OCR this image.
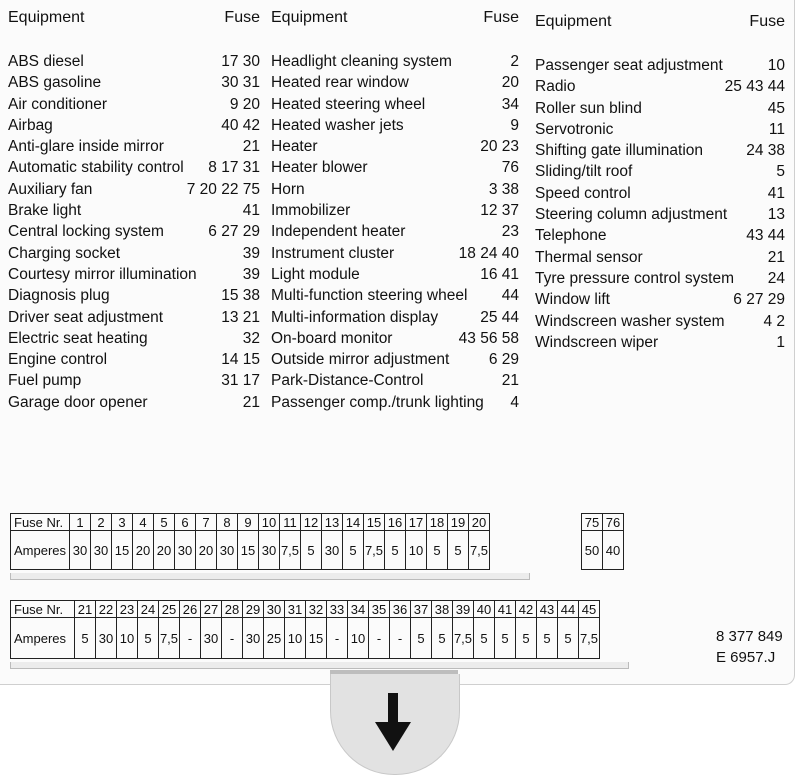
Equipment	Fuse
ABS diesel	17 30
ABS gasoline	30 31
Air conditioner	9 20
Airbag	40 42
Anti-glare inside mirror	21
Automatic stability control 8 17 31
Auxiliary fan	7 20 22 75
Brake light	41
Central locking system	6 27 29
Charging socket	39
Courtesy mirror illumination	39
Diagnosis plug	15 38
Driver seat adjustment	13 21
Electric seat heating	32
Engine control	14 15
Fuel pump	31 17
Garage door opener	21
Equipment	Fuse
Headlight cleaning system	2
Heated rear window	20
Heated steering wheel	34
Heated washer jets	9
Heater	20 23
Heater blower	76
Horn	3 38
Immobilizer	12 37
Independent heater	23
Instrument cluster	18 24 40
Light module	16 41
Multi-function steering wheel 44
Multi-information display	25 44
On-board monitor	43 56 58
Outside mirror adjustment	6 29
Park-Distance-Control	21
Passenger comp./trunk lighting 4
Equipment	Fuse
Passenger seat adjustment	10
Radio	25 43 44
Roller sun blind	45
Servotronic	11
Shifting gate illumination	24 38
Sliding/tilt roof	5
Speed control	41
Steering column adjustment	13
Telephone	43 44
Thermal sensor	21
Tyre pressure control system 24
Window lift	6 27 29
Windscreen washer system	4 2
Windscreen wiper	1
Fuse Nr.	1	2	3	4	5	6	7	8	9	10	11	12	13	14	15	16	17	18	19	20
Amperes	30	30	15	20	20	30	20	30	15	30	7,5	5	30	5	7,5	5	10	5	5	7,5
75	76
50	40
Fuse Nr.	21	22	23	24	25	26	27	28	29	30	31	32	33	34	35	36	37	38	39	40	41	42	43	44	45
Amperes	5	30	10	5	7,5	-	30	-	30	25	10	15	-	10	-	-	5	5	7,5	5	5	5	5	5	7,5	8 377 849
E 6957.J
